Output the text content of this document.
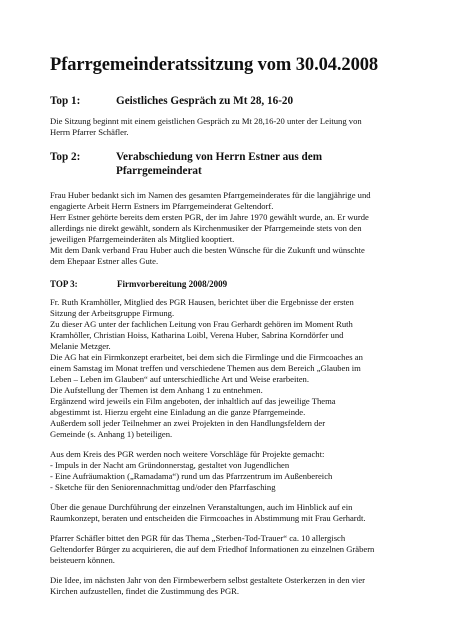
Pfarrgemeinderatssitzung vom 30.04.2008
Top 1:	Geistliches Gespräch zu Mt 28, 16-20

Die Sitzung beginnt mit einem geistlichen Gespräch zu Mt 28,16-20 unter der Leitung von
Herrn Pfarrer Schäfler.

Top 2:	Verabschiedung von Herrn Estner aus dem Pfarrgemeinderat

Frau Huber bedankt sich im Namen des gesamten Pfarrgemeinderates für die langjährige und
engagierte Arbeit Herrn Estners im Pfarrgemeinderat Geltendorf.
Herr Estner gehörte bereits dem ersten PGR, der im Jahre 1970 gewählt wurde, an. Er wurde
allerdings nie direkt gewählt, sondern als Kirchenmusiker der Pfarrgemeinde stets von den
jeweiligen Pfarrgemeinderäten als Mitglied kooptiert.
Mit dem Dank verband Frau Huber auch die besten Wünsche für die Zukunft und wünschte
dem Ehepaar Estner alles Gute.

TOP 3:	Firmvorbereitung 2008/2009

Fr. Ruth Kramhöller, Mitglied des PGR Hausen, berichtet über die Ergebnisse der ersten
Sitzung der Arbeitsgruppe Firmung.
Zu dieser AG unter der fachlichen Leitung von Frau Gerhardt gehören im Moment Ruth
Kramhöller, Christian Hoiss, Katharina Loibl, Verena Huber, Sabrina Korndörfer und
Melanie Metzger.
Die AG hat ein Firmkonzept erarbeitet, bei dem sich die Firmlinge und die Firmcoaches an
einem Samstag im Monat treffen und verschiedene Themen aus dem Bereich „Glauben im
Leben – Leben im Glauben“ auf unterschiedliche Art und Weise erarbeiten.
Die Aufstellung der Themen ist dem Anhang 1 zu entnehmen.
Ergänzend wird jeweils ein Film angeboten, der inhaltlich auf das jeweilige Thema
abgestimmt ist. Hierzu ergeht eine Einladung an die ganze Pfarrgemeinde.
Außerdem soll jeder Teilnehmer an zwei Projekten in den Handlungsfeldern der
Gemeinde (s. Anhang 1) beteiligen.

Aus dem Kreis des PGR werden noch weitere Vorschläge für Projekte gemacht:
- Impuls in der Nacht am Gründonnerstag, gestaltet von Jugendlichen
- Eine Aufräumaktion („Ramadama“) rund um das Pfarrzentrum im Außenbereich
- Sketche für den Seniorennachmittag und/oder den Pfarrfasching

Über die genaue Durchführung der einzelnen Veranstaltungen, auch im Hinblick auf ein
Raumkonzept, beraten und entscheiden die Firmcoaches in Abstimmung mit Frau Gerhardt.

Pfarrer Schäfler bittet den PGR für das Thema „Sterben-Tod-Trauer“ ca. 10 allergisch
Geltendorfer Bürger zu acquirieren, die auf dem Friedhof Informationen zu einzelnen Gräbern
beisteuern können.

Die Idee, im nächsten Jahr von den Firmbewerbern selbst gestaltete Osterkerzen in den vier
Kirchen aufzustellen, findet die Zustimmung des PGR.
